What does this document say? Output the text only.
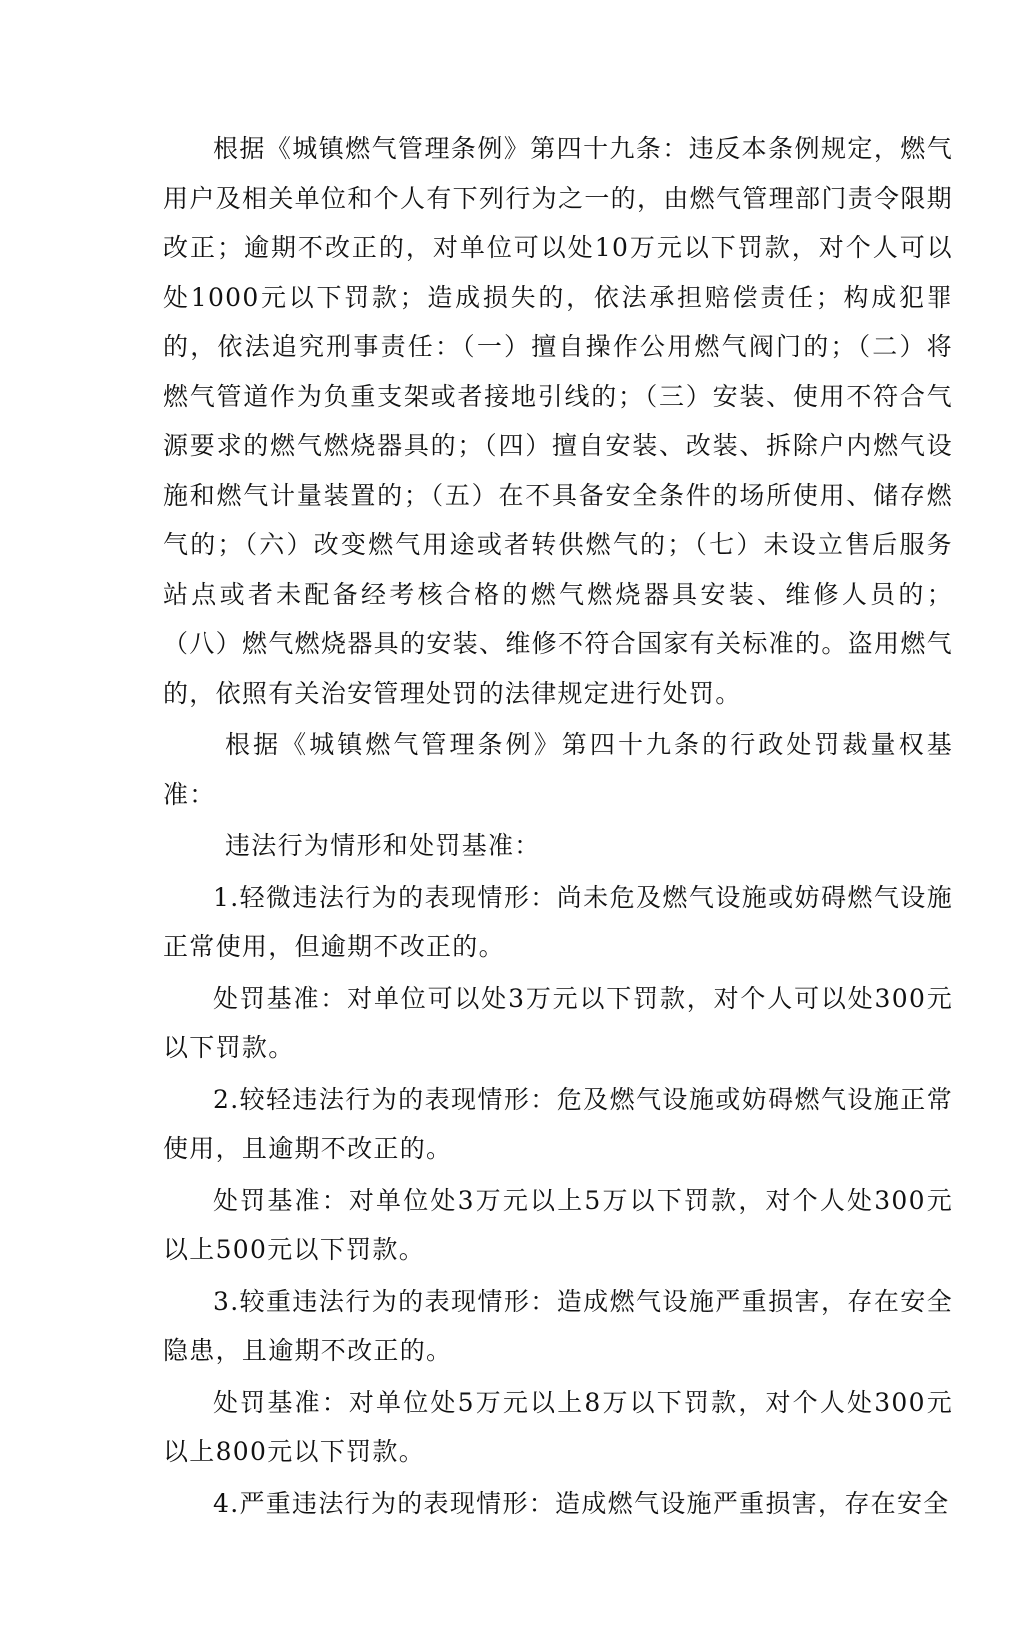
根据《城镇燃气管理条例》第四十九条：违反本条例规定，燃气用户及相关单位和个人有下列行为之一的，由燃气管理部门责令限期改正；逾期不改正的，对单位可以处10万元以下罚款，对个人可以处1000元以下罚款；造成损失的，依法承担赔偿责任；构成犯罪的，依法追究刑事责任：（一）擅自操作公用燃气阀门的；（二）将燃气管道作为负重支架或者接地引线的；（三）安装、使用不符合气源要求的燃气燃烧器具的；（四）擅自安装、改装、拆除户内燃气设施和燃气计量装置的；（五）在不具备安全条件的场所使用、储存燃气的；（六）改变燃气用途或者转供燃气的；（七）未设立售后服务站点或者未配备经考核合格的燃气燃烧器具安装、维修人员的；（八）燃气燃烧器具的安装、维修不符合国家有关标准的。盗用燃气的，依照有关治安管理处罚的法律规定进行处罚。

根据《城镇燃气管理条例》第四十九条的行政处罚裁量权基准：

违法行为情形和处罚基准：

1.轻微违法行为的表现情形：尚未危及燃气设施或妨碍燃气设施正常使用，但逾期不改正的。

处罚基准：对单位可以处3万元以下罚款，对个人可以处300元以下罚款。

2.较轻违法行为的表现情形：危及燃气设施或妨碍燃气设施正常使用，且逾期不改正的。

处罚基准：对单位处3万元以上5万以下罚款，对个人处300元以上500元以下罚款。

3.较重违法行为的表现情形：造成燃气设施严重损害，存在安全隐患，且逾期不改正的。

处罚基准：对单位处5万元以上8万以下罚款，对个人处300元以上800元以下罚款。

4.严重违法行为的表现情形：造成燃气设施严重损害，存在安全
